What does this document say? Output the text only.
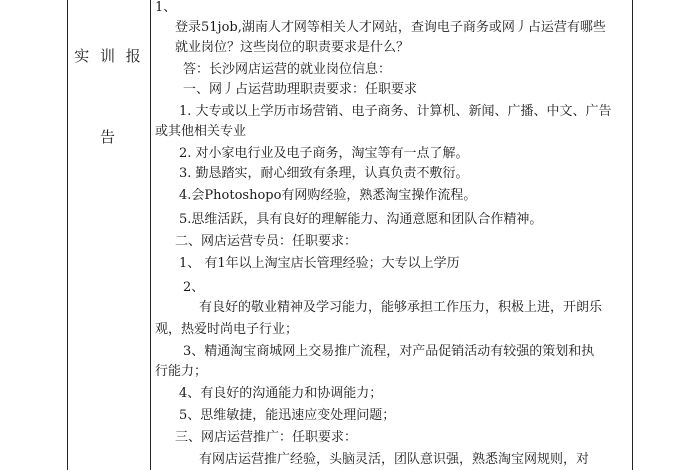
实 训 报
告
1、
登录51job,湖南人才网等相关人才网站，查询电子商务或网丿占运营有哪些
就业岗位？这些岗位的职责要求是什么？
答：长沙网店运营的就业岗位信息：
一、网丿占运营助理职责要求：任职要求
1. 大专或以上学历市场营销、电子商务、计算机、新闻、广播、中文、广告
或其他相关专业
2. 对小家电行业及电子商务，淘宝等有一点了解。
3. 勤恳踏实，耐心细致有条理，认真负责不敷衍。
4.会Photoshopo有网购经验，熟悉淘宝操作流程。
5.思维活跃，具有良好的理解能力、沟通意愿和团队合作精神。
二、网店运营专员：任职要求：
1、 有1年以上淘宝店长管理经验；大专以上学历
2、
有良好的敬业精神及学习能力，能够承担工作压力，积极上进，开朗乐
观，热爱时尚电子行业；
3、精通淘宝商城网上交易推广流程，对产品促销活动有较强的策划和执
行能力；
4、有良好的沟通能力和协调能力；
5、思维敏捷，能迅速应变处理问题；
三、网店运营推广：任职要求：
有网店运营推广经验，头脑灵活，团队意识强，熟悉淘宝网规则，对
